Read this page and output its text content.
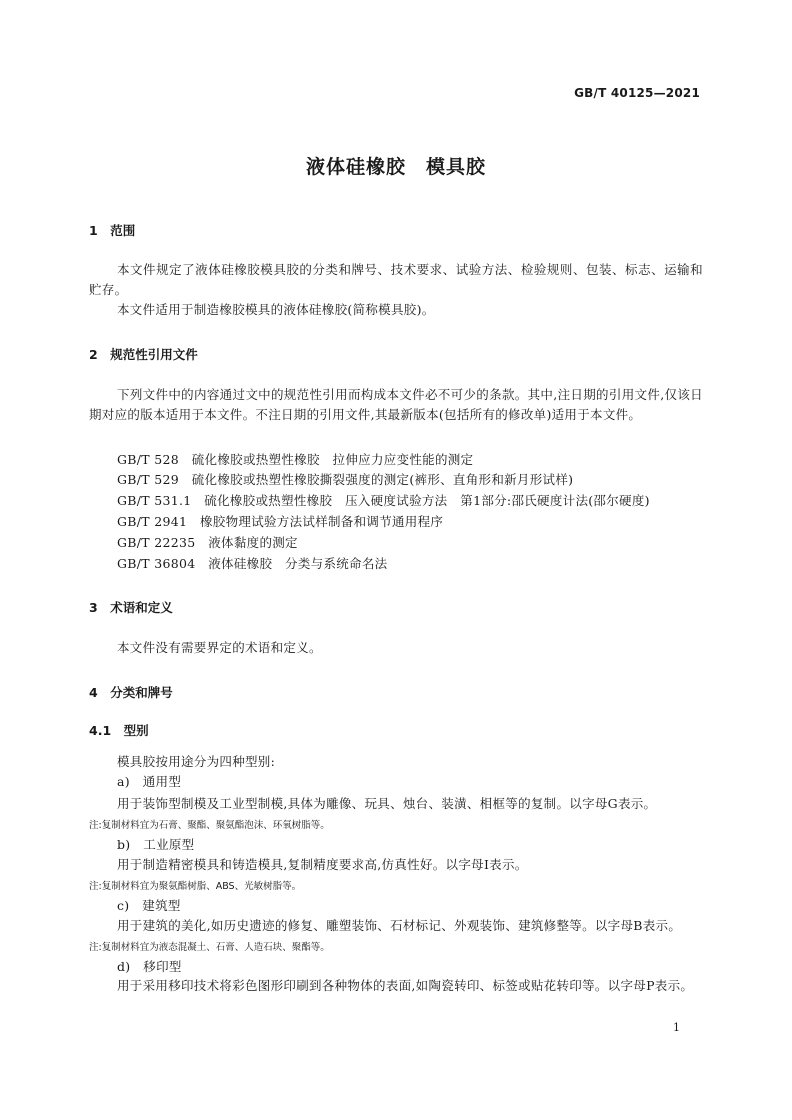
GB/T 40125—2021
液体硅橡胶　模具胶
1　范围

本文件规定了液体硅橡胶模具胶的分类和牌号、技术要求、试验方法、检验规则、包装、标志、运输和贮存。

本文件适用于制造橡胶模具的液体硅橡胶(简称模具胶)。

2　规范性引用文件

下列文件中的内容通过文中的规范性引用而构成本文件必不可少的条款。其中,注日期的引用文件,仅该日期对应的版本适用于本文件。不注日期的引用文件,其最新版本(包括所有的修改单)适用于本文件。

GB/T 528　硫化橡胶或热塑性橡胶　拉伸应力应变性能的测定
GB/T 529　硫化橡胶或热塑性橡胶撕裂强度的测定(裤形、直角形和新月形试样)
GB/T 531.1　硫化橡胶或热塑性橡胶　压入硬度试验方法　第1部分:邵氏硬度计法(邵尔硬度)
GB/T 2941　橡胶物理试验方法试样制备和调节通用程序
GB/T 22235　液体黏度的测定
GB/T 36804　液体硅橡胶　分类与系统命名法
3　术语和定义
本文件没有需要界定的术语和定义。
4　分类和牌号
4.1　型别
模具胶按用途分为四种型别:
a)　通用型
用于装饰型制模及工业型制模,具体为雕像、玩具、烛台、装潢、相框等的复制。以字母G表示。
注:复制材料宜为石膏、聚酯、聚氨酯泡沫、环氧树脂等。
b)　工业原型
用于制造精密模具和铸造模具,复制精度要求高,仿真性好。以字母I表示。
注:复制材料宜为聚氨酯树脂、ABS、光敏树脂等。
c)　建筑型
用于建筑的美化,如历史遗迹的修复、雕塑装饰、石材标记、外观装饰、建筑修整等。以字母B表示。
注:复制材料宜为液态混凝土、石膏、人造石块、聚酯等。
d)　移印型

用于采用移印技术将彩色图形印刷到各种物体的表面,如陶瓷转印、标签或贴花转印等。以字母P表示。

1
